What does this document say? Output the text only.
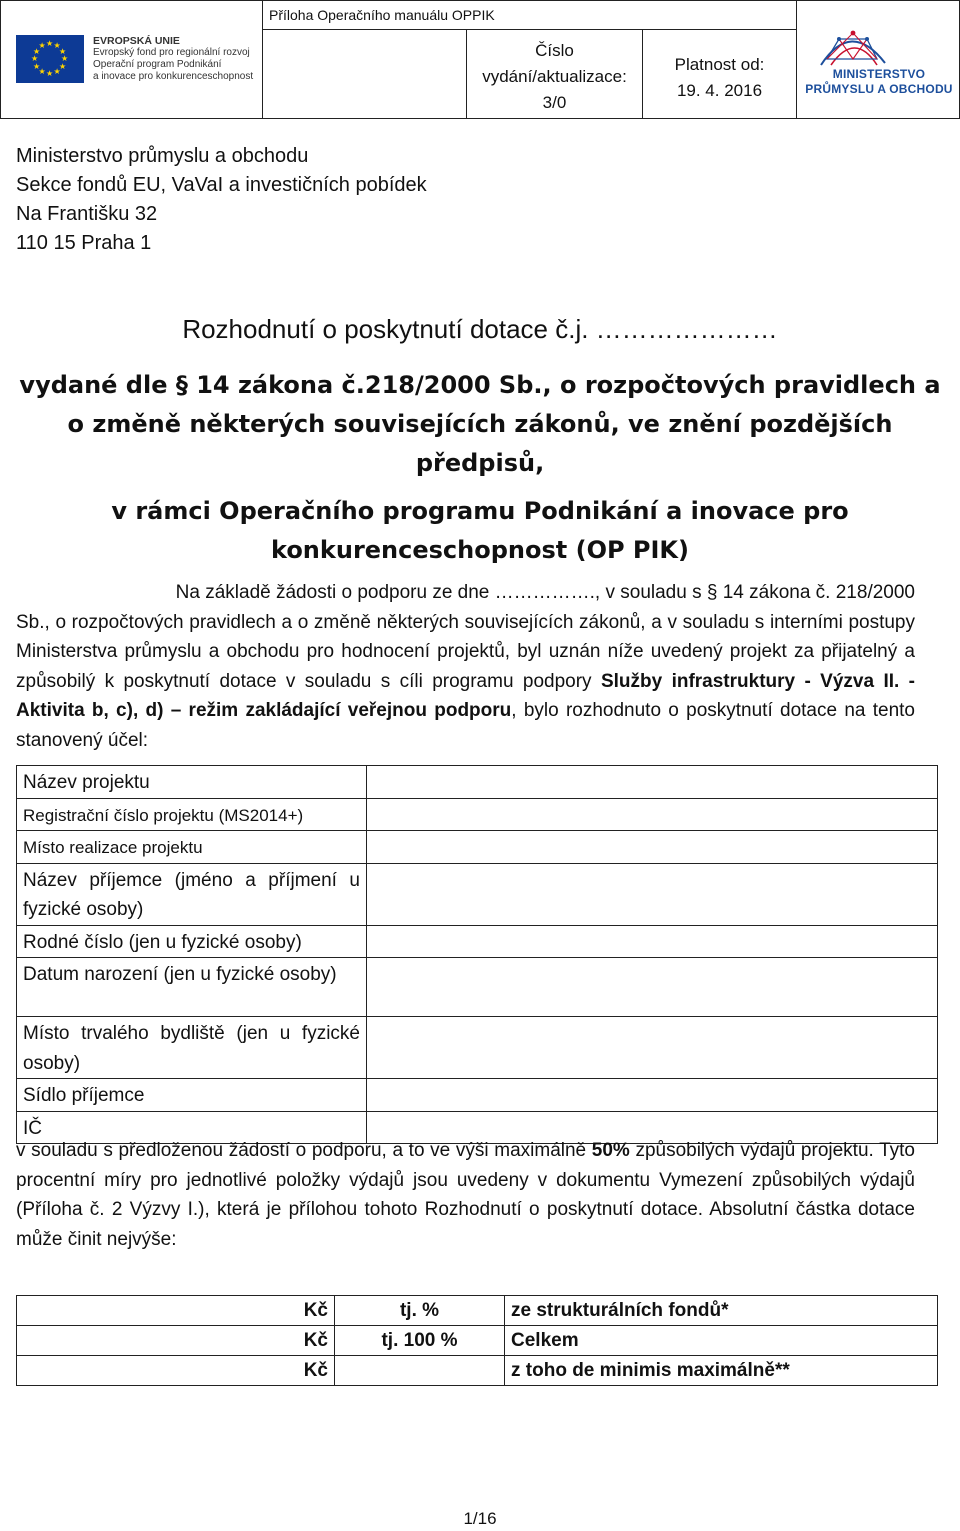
★
★
★
★
★
★
★
★
★ ★ ★
★
EVROPSKÁ UNIE
Evropský fond pro regionální rozvoj
Operační program Podnikání
a inovace pro konkurenceschopnost
Příloha Operačního manuálu OPPIK
Číslo
vydání/aktualizace:
3/0
Platnost od:
19. 4. 2016
MINISTERSTVO
PRŮMYSLU A OBCHODU
Ministerstvo průmyslu a obchodu
Sekce fondů EU, VaVaI a investičních pobídek
Na Františku 32
110 15 Praha 1
Rozhodnutí o poskytnutí dotace č.j. …………………
vydané dle § 14 zákona č.218/2000 Sb., o rozpočtových pravidlech a
o změně některých souvisejících zákonů, ve znění pozdějších
předpisů,
v rámci Operačního programu Podnikání a inovace pro
konkurenceschopnost (OP PIK)
Na základě žádosti o podporu ze dne ……………., v souladu s § 14 zákona č. 218/2000
Sb., o rozpočtových pravidlech a o změně některých souvisejících zákonů, a v souladu s interními postupy Ministerstva průmyslu a obchodu pro hodnocení projektů, byl uznán níže uvedený projekt za přijatelný a způsobilý k poskytnutí dotace v souladu s cíli programu podpory Služby infrastruktury - Výzva II. - Aktivita b, c), d) – režim zakládající veřejnou podporu, bylo rozhodnuto o poskytnutí dotace na tento stanovený účel:
Název projektu	
Registrační číslo projektu (MS2014+)	
Místo realizace projektu	
Název příjemce (jméno a příjmení u fyzické osoby)	
Rodné číslo (jen u fyzické osoby)	
Datum narození (jen u fyzické osoby)	
Místo trvalého bydliště (jen u fyzické osoby)	
Sídlo příjemce	
IČ	
v souladu s předloženou žádostí o podporu, a to ve výši maximálně 50% způsobilých výdajů projektu. Tyto procentní míry pro jednotlivé položky výdajů jsou uvedeny v dokumentu Vymezení způsobilých výdajů (Příloha č. 2 Výzvy I.), která je přílohou tohoto Rozhodnutí o poskytnutí dotace. Absolutní částka dotace může činit nejvýše:
Kč	tj. %	ze strukturálních fondů*
Kč	tj. 100 %	Celkem
Kč		z toho de minimis maximálně**
1/16
